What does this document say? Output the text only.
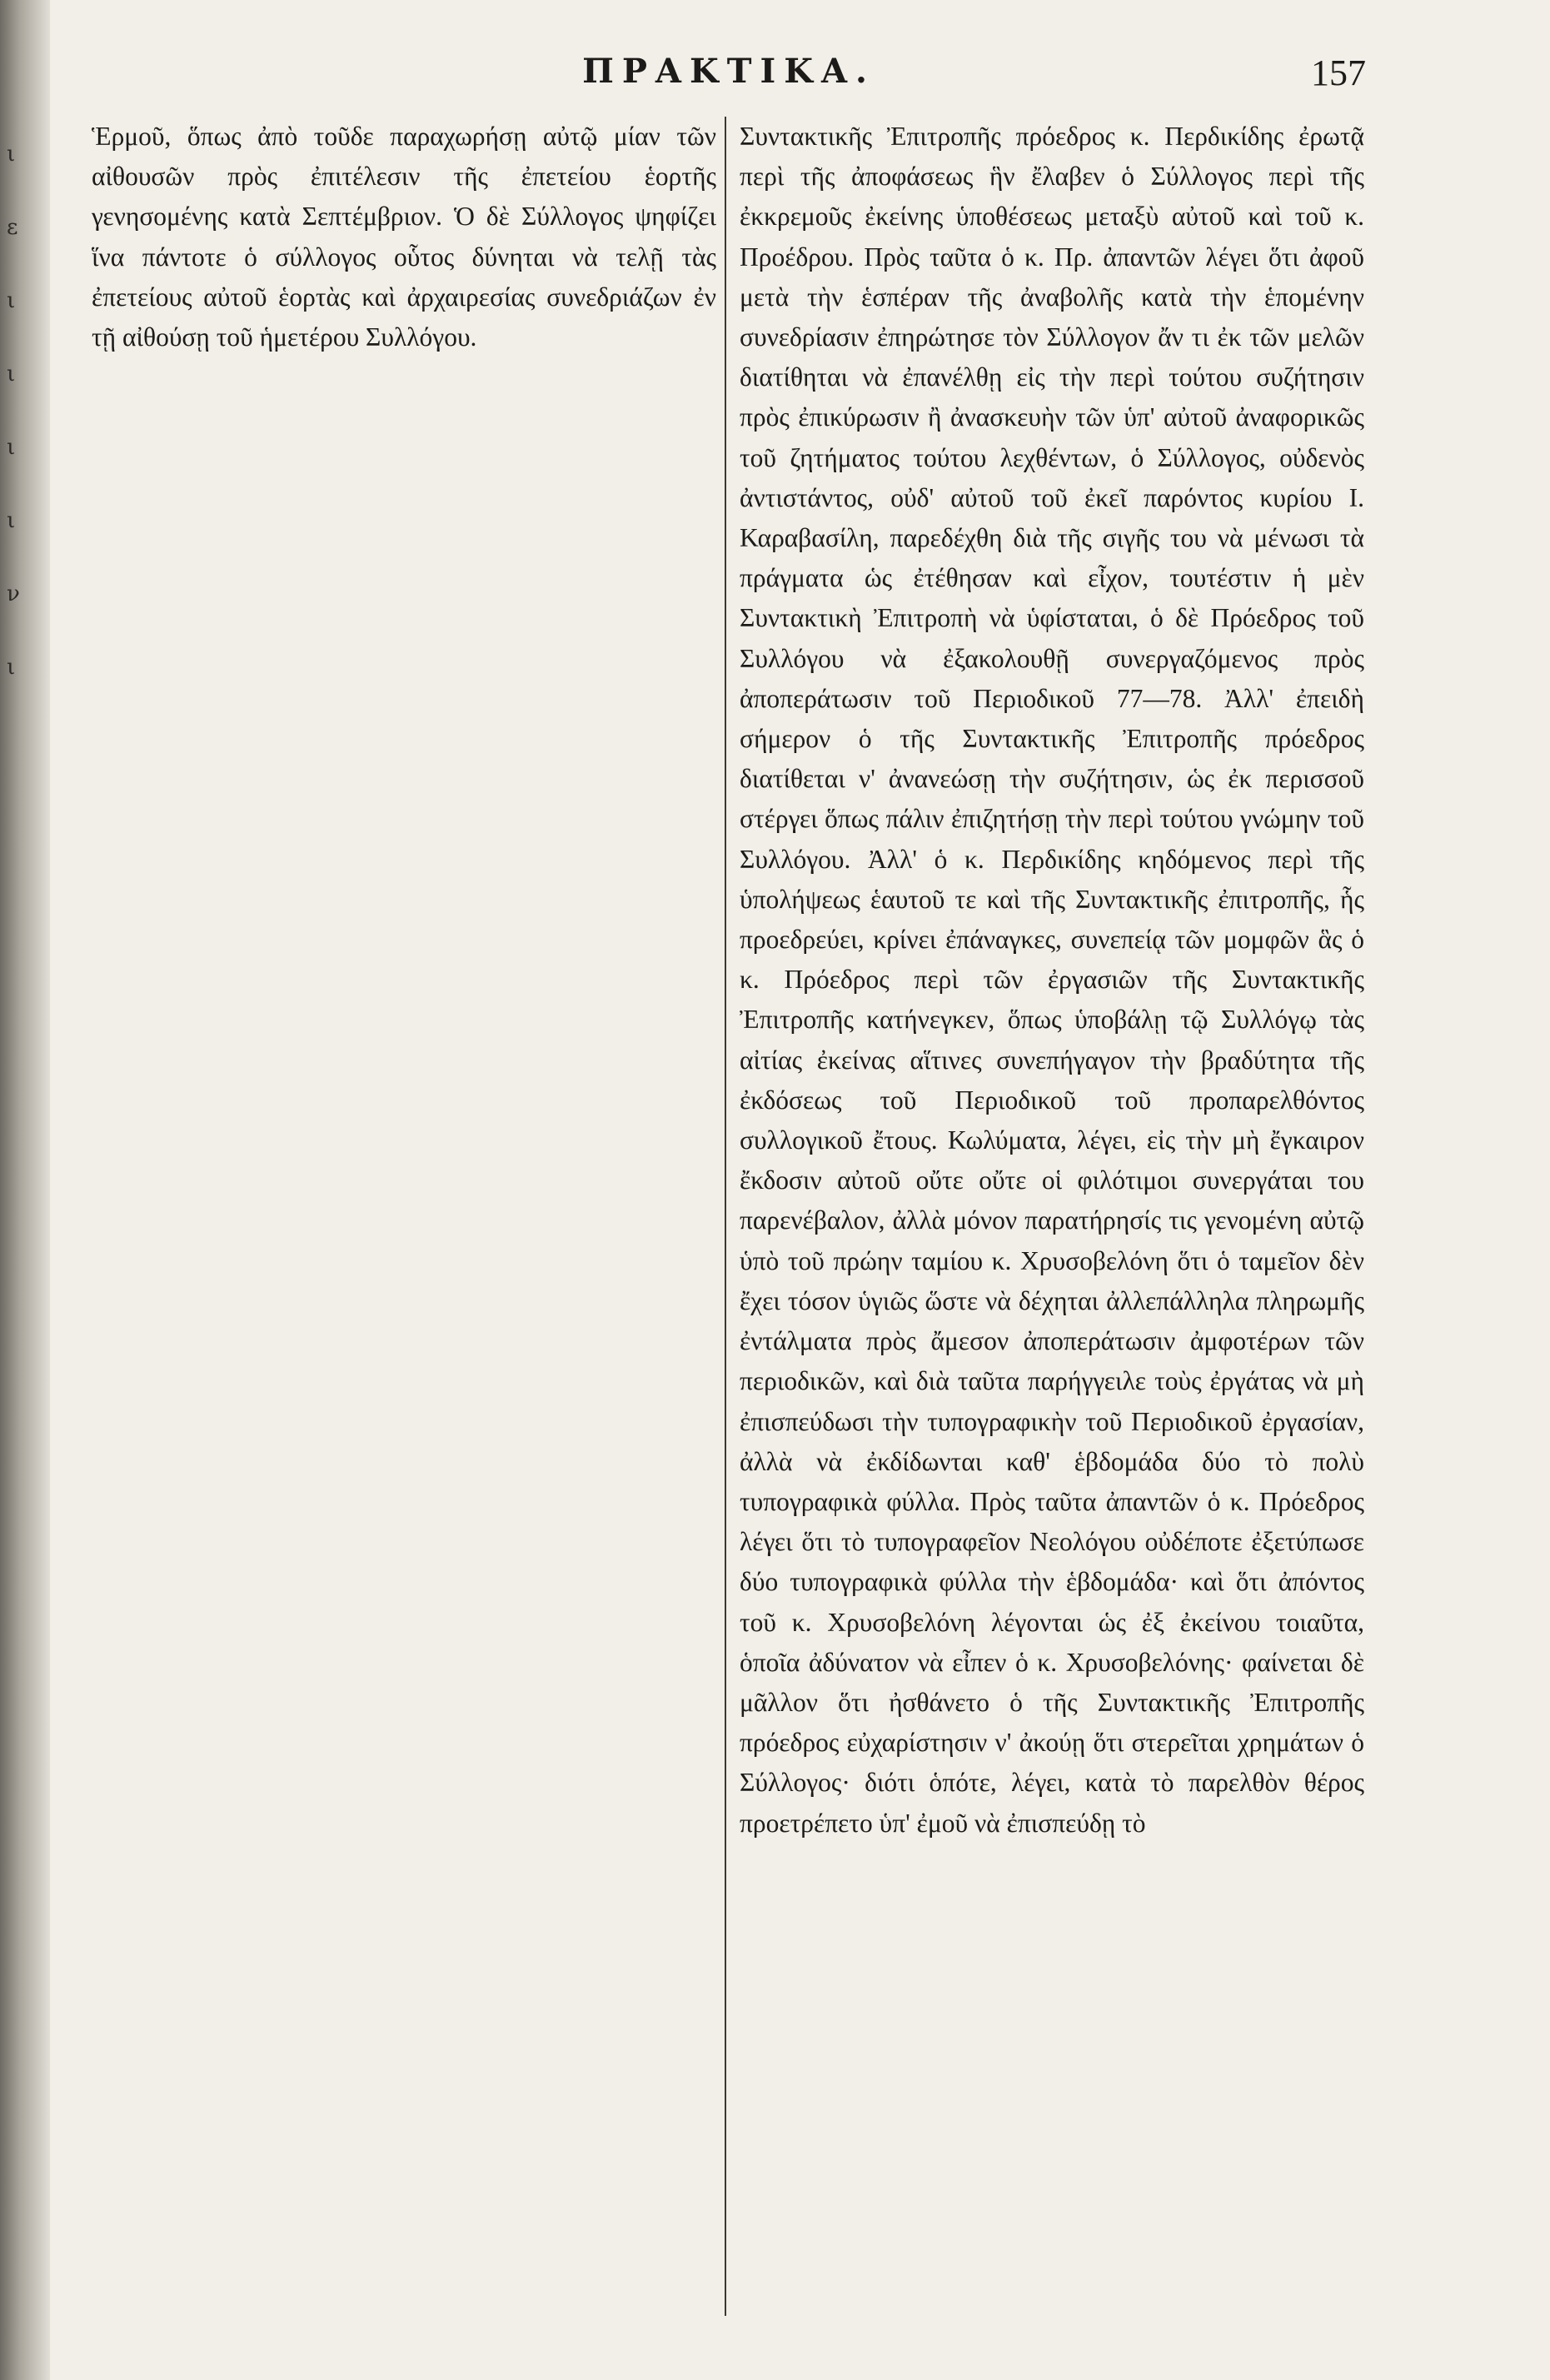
ι
ε
ι
ι
ι
ι
ν
ι
ΠΡΑΚΤΙΚΑ.	157

Ἑρμοῦ, ὅπως ἀπὸ τοῦδε παραχωρήσῃ αὐτῷ μίαν τῶν αἰθουσῶν πρὸς ἐπιτέλεσιν τῆς ἐπετείου ἑορτῆς γενησομένης κατὰ Σεπτέμβριον. Ὁ δὲ Σύλλογος ψηφίζει ἵνα πάντοτε ὁ σύλλογος οὗτος δύνηται νὰ τελῇ τὰς ἐπετείους αὐτοῦ ἑορτὰς καὶ ἀρχαιρεσίας συνεδριάζων ἐν τῇ αἰθούσῃ τοῦ ἡμετέρου Συλλόγου.

Συντακτικῆς Ἐπιτροπῆς πρόεδρος κ. Περδικίδης ἐρωτᾷ περὶ τῆς ἀποφάσεως ἣν ἔλαβεν ὁ Σύλλογος περὶ τῆς ἐκκρεμοῦς ἐκείνης ὑποθέσεως μεταξὺ αὐτοῦ καὶ τοῦ κ. Προέδρου. Πρὸς ταῦτα ὁ κ. Πρ. ἀπαντῶν λέγει ὅτι ἀφοῦ μετὰ τὴν ἑσπέραν τῆς ἀναβολῆς κατὰ τὴν ἑπομένην συνεδρίασιν ἐπηρώτησε τὸν Σύλλογον ἄν τι ἐκ τῶν μελῶν διατίθηται νὰ ἐπανέλθῃ εἰς τὴν περὶ τούτου συζήτησιν πρὸς ἐπικύρωσιν ἢ ἀνασκευὴν τῶν ὑπ' αὐτοῦ ἀναφορικῶς τοῦ ζητήματος τούτου λεχθέντων, ὁ Σύλλογος, οὐδενὸς ἀντιστάντος, οὐδ' αὐτοῦ τοῦ ἐκεῖ παρόντος κυρίου Ι. Καραβασίλη, παρεδέχθη διὰ τῆς σιγῆς του νὰ μένωσι τὰ πράγματα ὡς ἐτέθησαν καὶ εἶχον, τουτέστιν ἡ μὲν Συντακτικὴ Ἐπιτροπὴ νὰ ὑφίσταται, ὁ δὲ Πρόεδρος τοῦ Συλλόγου νὰ ἐξακολουθῇ συνεργαζόμενος πρὸς ἀποπεράτωσιν τοῦ Περιοδικοῦ 77—78. Ἀλλ' ἐπειδὴ σήμερον ὁ τῆς Συντακτικῆς Ἐπιτροπῆς πρόεδρος διατίθεται ν' ἀνανεώσῃ τὴν συζήτησιν, ὡς ἐκ περισσοῦ στέργει ὅπως πάλιν ἐπιζητήσῃ τὴν περὶ τούτου γνώμην τοῦ Συλλόγου. Ἀλλ' ὁ κ. Περδικίδης κηδόμενος περὶ τῆς ὑπολήψεως ἑαυτοῦ τε καὶ τῆς Συντακτικῆς ἐπιτροπῆς, ἧς προεδρεύει, κρίνει ἐπάναγκες, συνεπείᾳ τῶν μομφῶν ἃς ὁ κ. Πρόεδρος περὶ τῶν ἐργασιῶν τῆς Συντακτικῆς Ἐπιτροπῆς κατήνεγκεν, ὅπως ὑποβάλῃ τῷ Συλλόγῳ τὰς αἰτίας ἐκείνας αἵτινες συνεπήγαγον τὴν βραδύτητα τῆς ἐκδόσεως τοῦ Περιοδικοῦ τοῦ προπαρελθόντος συλλογικοῦ ἔτους. Κωλύματα, λέγει, εἰς τὴν μὴ ἔγκαιρον ἔκδοσιν αὐτοῦ οὔτε οὔτε οἱ φιλότιμοι συνεργάται του παρενέβαλον, ἀλλὰ μόνον παρατήρησίς τις γενομένη αὐτῷ ὑπὸ τοῦ πρώην ταμίου κ. Χρυσοβελόνη ὅτι ὁ ταμεῖον δὲν ἔχει τόσον ὑγιῶς ὥστε νὰ δέχηται ἀλλεπάλληλα πληρωμῆς ἐντάλματα πρὸς ἄμεσον ἀποπεράτωσιν ἀμφοτέρων τῶν περιοδικῶν, καὶ διὰ ταῦτα παρήγγειλε τοὺς ἐργάτας νὰ μὴ ἐπισπεύδωσι τὴν τυπογραφικὴν τοῦ Περιοδικοῦ ἐργασίαν, ἀλλὰ νὰ ἐκδίδωνται καθ' ἑβδομάδα δύο τὸ πολὺ τυπογραφικὰ φύλλα. Πρὸς ταῦτα ἀπαντῶν ὁ κ. Πρόεδρος λέγει ὅτι τὸ τυπογραφεῖον Νεολόγου οὐδέποτε ἐξετύπωσε δύο τυπογραφικὰ φύλλα τὴν ἑβδομάδα· καὶ ὅτι ἀπόντος τοῦ κ. Χρυσοβελόνη λέγονται ὡς ἐξ ἐκείνου τοιαῦτα, ὁποῖα ἀδύνατον νὰ εἶπεν ὁ κ. Χρυσοβελόνης· φαίνεται δὲ μᾶλλον ὅτι ἠσθάνετο ὁ τῆς Συντακτικῆς Ἐπιτροπῆς πρόεδρος εὐχαρίστησιν ν' ἀκούῃ ὅτι στερεῖται χρημάτων ὁ Σύλλογος· διότι ὁπότε, λέγει, κατὰ τὸ παρελθὸν θέρος προετρέπετο ὑπ' ἐμοῦ νὰ ἐπισπεύδῃ τὸ
